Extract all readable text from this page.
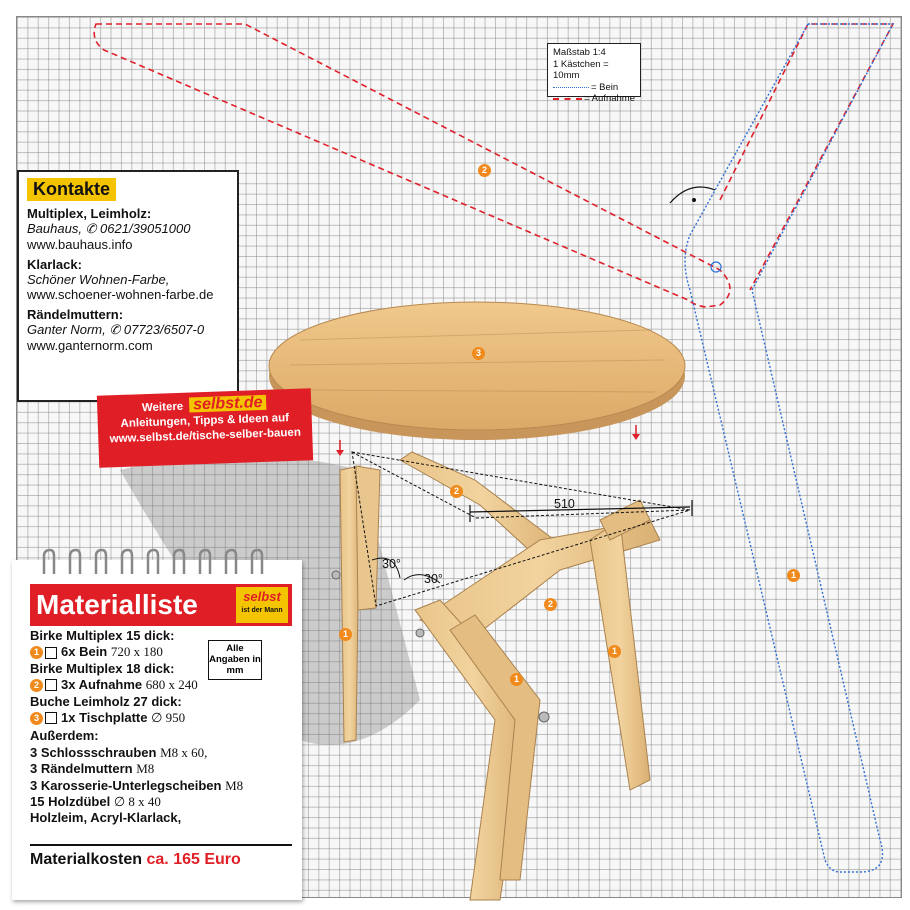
510
30°
30°
2
3
2
2
1
1
1
1
Maßstab 1:4
1 Kästchen = 10mm
= Bein
= Aufnahme
Kontakte
Multiplex, Leimholz:
Bauhaus, ✆ 0621/39051000
www.bauhaus.info
Klarlack:
Schöner Wohnen-Farbe,
www.schoener-wohnen-farbe.de
Rändelmuttern:
Ganter Norm, ✆ 07723/6507-0
www.ganternorm.com
Weitere selbst.de
Anleitungen, Tipps & Ideen auf
www.selbst.de/tische-selber-bauen
Materialliste	selbst
ist der Mann
Birke Multiplex 15 dick:
1	6x Bein
720 x 180
Birke Multiplex 18 dick:
2	3x Aufnahme
680 x 240
Buche Leimholz 27 dick:
3	1x Tischplatte
∅ 950
Außerdem:
3 Schlossschrauben M8 x 60,
3 Rändelmuttern M8
3 Karosserie-Unterlegscheiben M8
15 Holzdübel ∅ 8 x 40
Holzleim, Acryl-Klarlack,
Alle Angaben in mm
Materialkosten ca. 165 Euro
